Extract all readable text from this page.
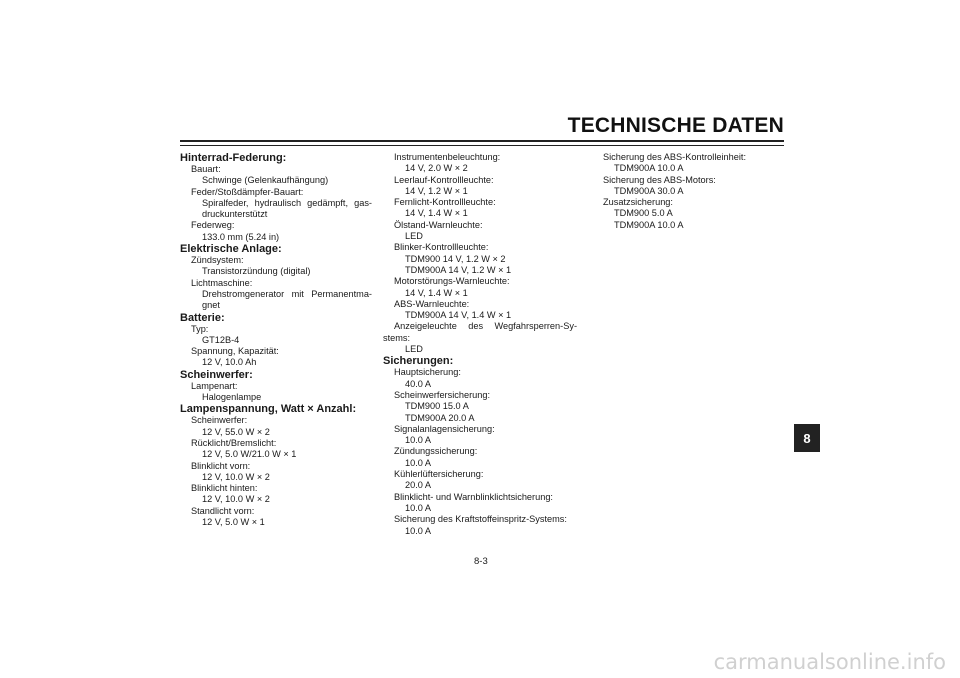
TECHNISCHE DATEN
Hinterrad-Federung:
Bauart:
Schwinge (Gelenkaufhängung)
Feder/Stoßdämpfer-Bauart:
Spiralfeder, hydraulisch gedämpft, gas-
druckunterstützt
Federweg:
133.0 mm (5.24 in)
Elektrische Anlage:
Zündsystem:
Transistorzündung (digital)
Lichtmaschine:
Drehstromgenerator mit Permanentma-
gnet
Batterie:
Typ:
GT12B-4
Spannung, Kapazität:
12 V, 10.0 Ah
Scheinwerfer:
Lampenart:
Halogenlampe
Lampenspannung, Watt × Anzahl:
Scheinwerfer:
12 V, 55.0 W × 2
Rücklicht/Bremslicht:
12 V, 5.0 W/21.0 W × 1
Blinklicht vorn:
12 V, 10.0 W × 2
Blinklicht hinten:
12 V, 10.0 W × 2
Standlicht vorn:
12 V, 5.0 W × 1
Instrumentenbeleuchtung:
14 V, 2.0 W × 2
Leerlauf-Kontrollleuchte:
14 V, 1.2 W × 1
Fernlicht-Kontrollleuchte:
14 V, 1.4 W × 1
Ölstand-Warnleuchte:
LED
Blinker-Kontrollleuchte:
TDM900 14 V, 1.2 W × 2
TDM900A 14 V, 1.2 W × 1
Motorstörungs-Warnleuchte:
14 V, 1.4 W × 1
ABS-Warnleuchte:
TDM900A 14 V, 1.4 W × 1
Anzeigeleuchte des Wegfahrsperren-Sy-
stems:
LED
Sicherungen:
Hauptsicherung:
40.0 A
Scheinwerfersicherung:
TDM900 15.0 A
TDM900A 20.0 A
Signalanlagensicherung:
10.0 A
Zündungssicherung:
10.0 A
Kühlerlüftersicherung:
20.0 A
Blinklicht- und Warnblinklichtsicherung:
10.0 A
Sicherung des Kraftstoffeinspritz-Systems:
10.0 A
Sicherung des ABS-Kontrolleinheit:
TDM900A 10.0 A
Sicherung des ABS-Motors:
TDM900A 30.0 A
Zusatzsicherung:
TDM900 5.0 A
TDM900A 10.0 A
8
8-3
carmanualsonline.info
